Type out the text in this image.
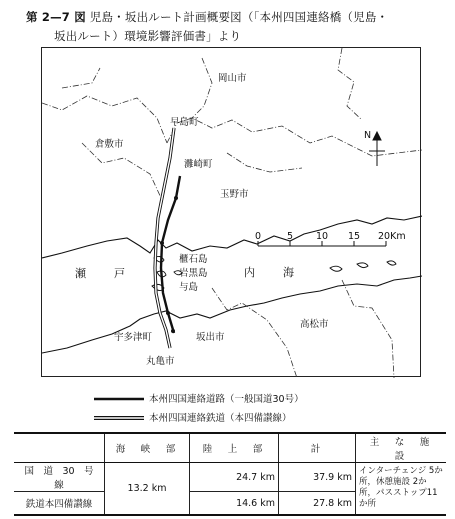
第 2—7 図 児島・坂出ルート計画概要図（「本州四国連絡橋（児島・
坂出ルート）環境影響評価書」より
岡山市
早島町
倉敷市
灘崎町
玉野市
櫃石島
岩黒島
与島
宇多津町	坂出市
丸亀市
高松市
瀬　　戸	内　　海
N
0	5 10 15 20Km
本州四国連絡道路（一般国道30号）
本州四国連絡鉄道（本四備讃線）
	海　峡　部	陸　上　部	計	主　な　施　設
国　道　30　号　線	13.2 km	24.7 km	37.9 km	インターチェンジ 5か所，休憩施設 2か所，パスストップ11か所
鉄道本四備讃線		14.6 km	27.8 km	
